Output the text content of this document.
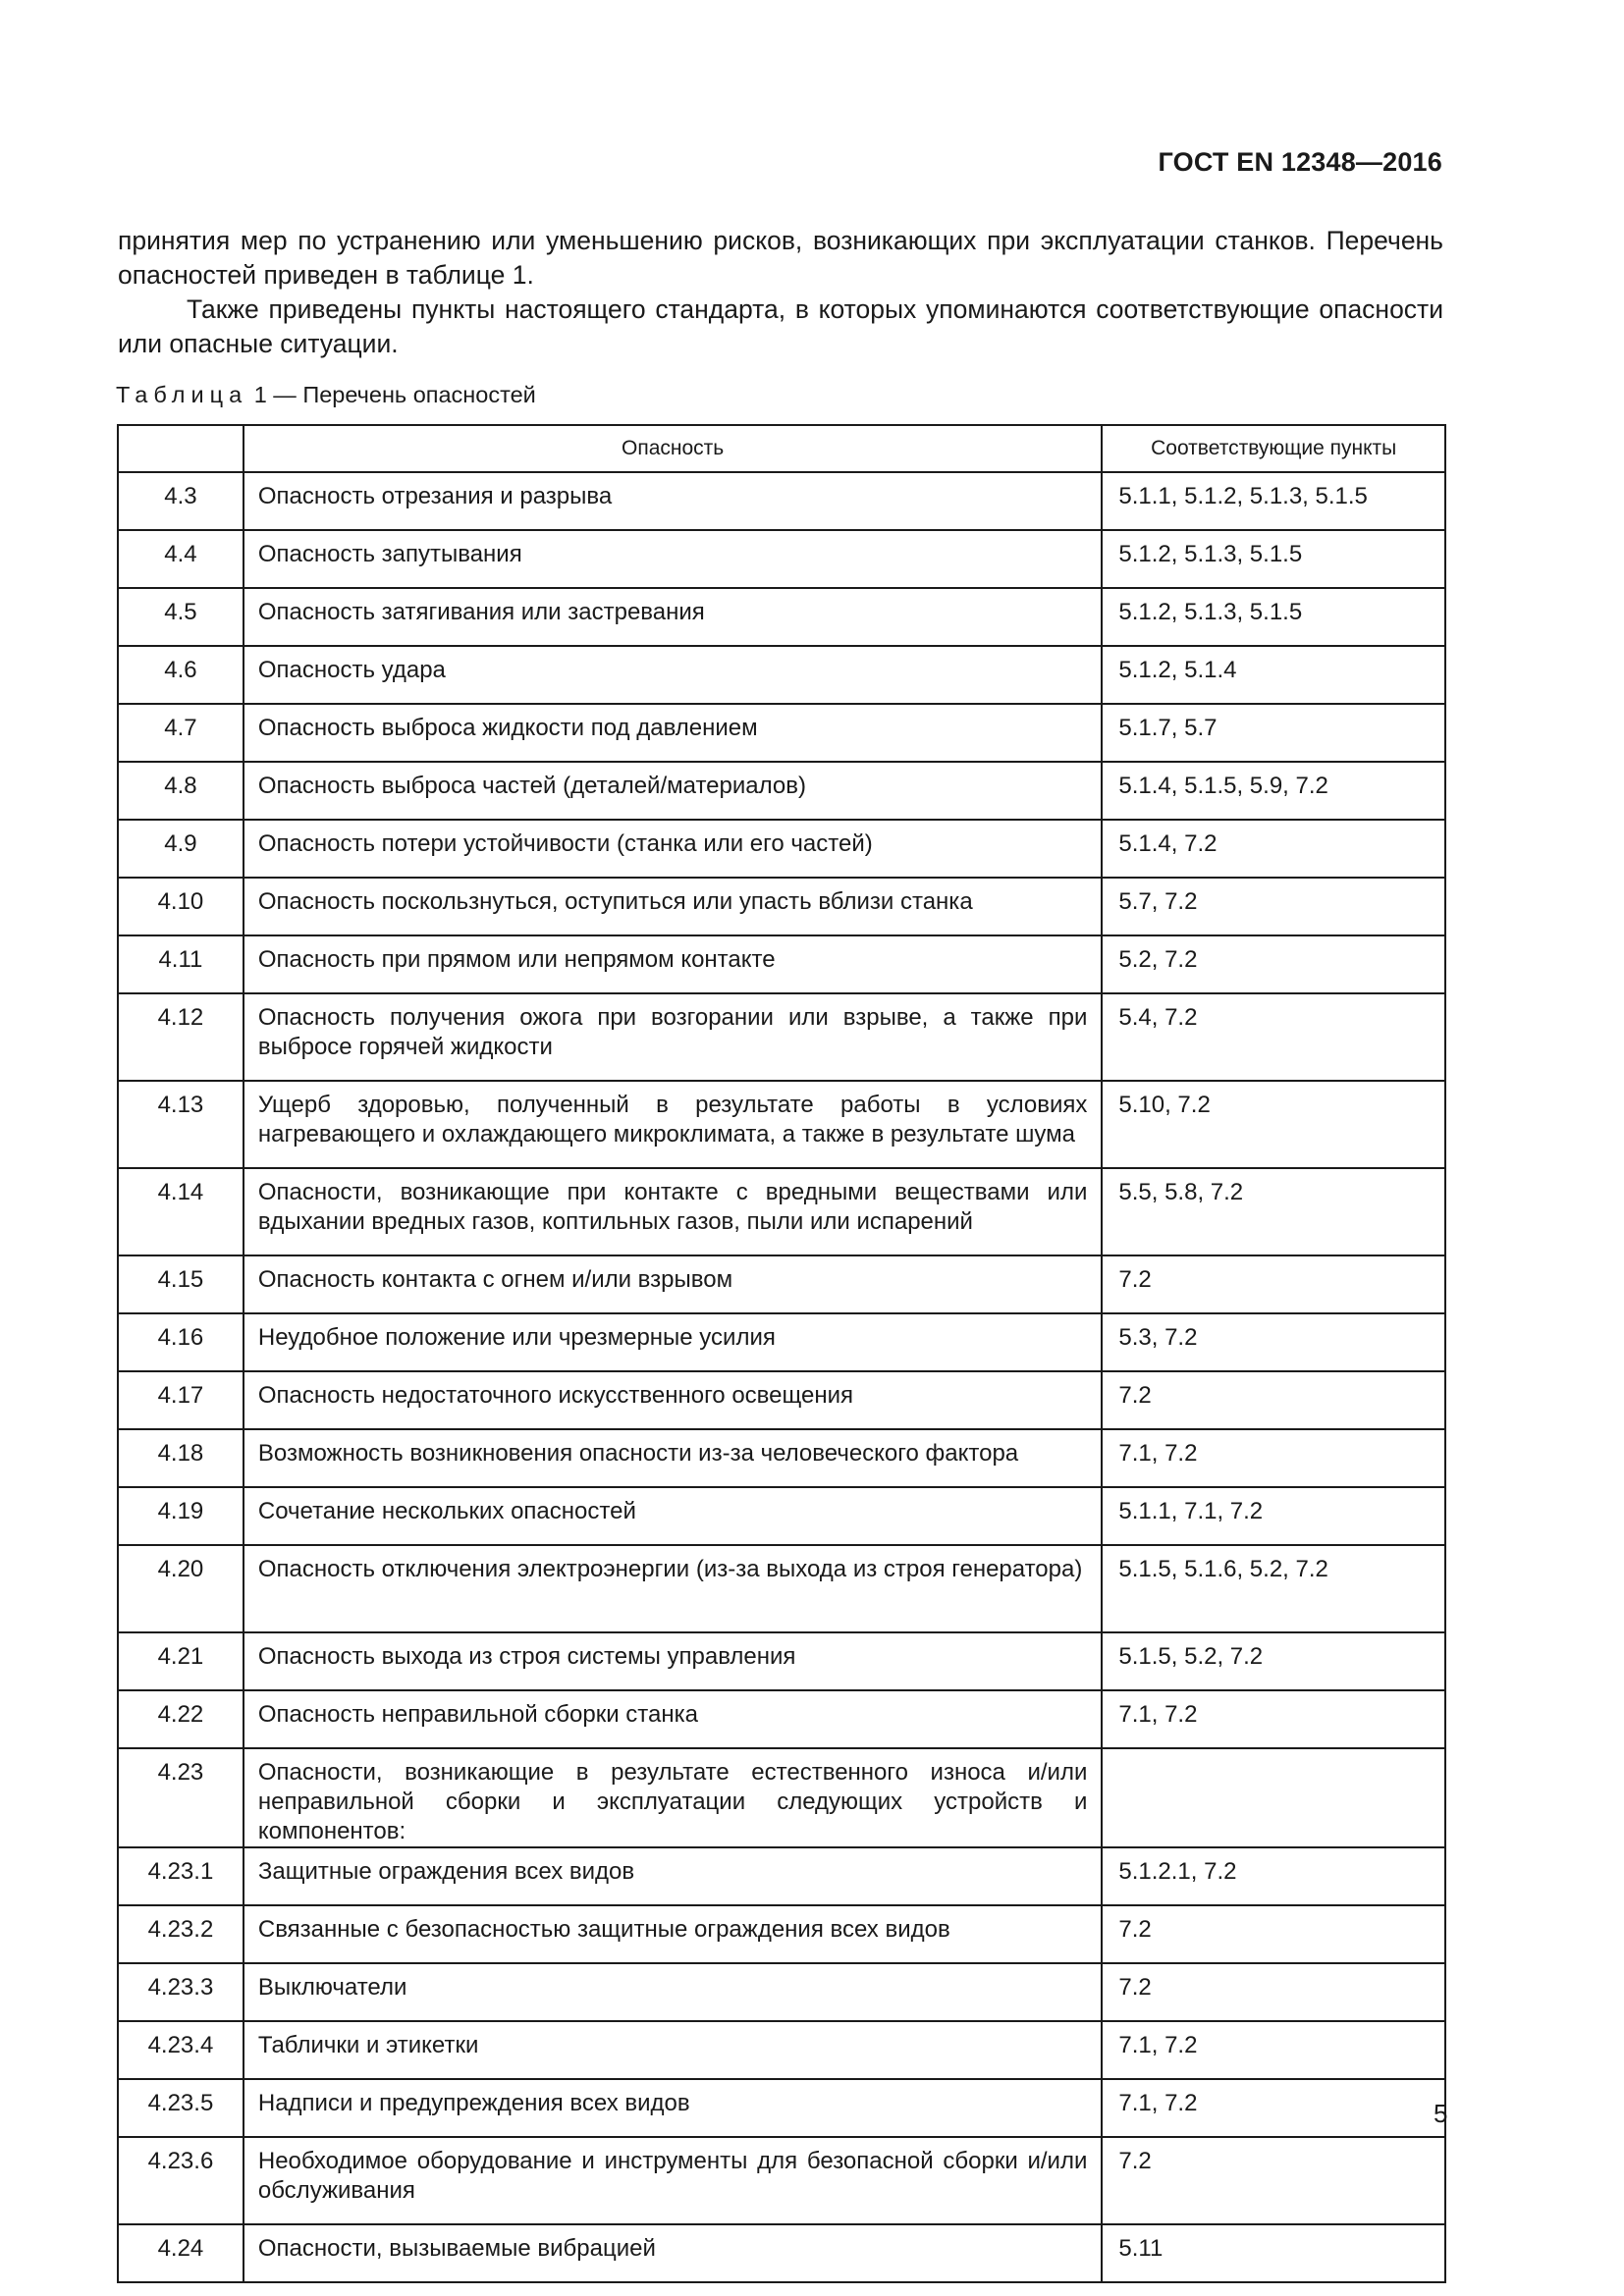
ГОСТ EN 12348—2016

принятия мер по устранению или уменьшению рисков, возникающих при эксплуатации станков. Перечень опасностей приведен в таблице 1.

Также приведены пункты настоящего стандарта, в которых упоминаются соответствующие опасности или опасные ситуации.

Таблица 1 — Перечень опасностей
	Опасность	Соответствующие пункты
4.3	Опасность отрезания и разрыва	5.1.1, 5.1.2, 5.1.3, 5.1.5
4.4	Опасность запутывания	5.1.2, 5.1.3, 5.1.5
4.5	Опасность затягивания или застревания	5.1.2, 5.1.3, 5.1.5
4.6	Опасность удара	5.1.2, 5.1.4
4.7	Опасность выброса жидкости под давлением	5.1.7, 5.7
4.8	Опасность выброса частей (деталей/материалов)	5.1.4, 5.1.5, 5.9, 7.2
4.9	Опасность потери устойчивости (станка или его частей)	5.1.4, 7.2
4.10	Опасность поскользнуться, оступиться или упасть вблизи станка	5.7, 7.2
4.11	Опасность при прямом или непрямом контакте	5.2, 7.2
4.12	Опасность получения ожога при возгорании или взрыве, а также при выбросе горячей жидкости	5.4, 7.2
4.13	Ущерб здоровью, полученный в результате работы в условиях нагревающего и охлаждающего микроклимата, а также в результате шума	5.10, 7.2
4.14	Опасности, возникающие при контакте с вредными веществами или вдыхании вредных газов, коптильных газов, пыли или испарений	5.5, 5.8, 7.2
4.15	Опасность контакта с огнем и/или взрывом	7.2
4.16	Неудобное положение или чрезмерные усилия	5.3, 7.2
4.17	Опасность недостаточного искусственного освещения	7.2
4.18	Возможность возникновения опасности из-за человеческого фактора	7.1, 7.2
4.19	Сочетание нескольких опасностей	5.1.1, 7.1, 7.2
4.20	Опасность отключения электроэнергии (из-за выхода из строя генератора)	5.1.5, 5.1.6, 5.2, 7.2
4.21	Опасность выхода из строя системы управления	5.1.5, 5.2, 7.2
4.22	Опасность неправильной сборки станка	7.1, 7.2
4.23	Опасности, возникающие в результате естественного износа и/или неправильной сборки и эксплуатации следующих устройств и компонентов:	
4.23.1	Защитные ограждения всех видов	5.1.2.1, 7.2
4.23.2	Связанные с безопасностью защитные ограждения всех видов	7.2
4.23.3	Выключатели	7.2
4.23.4	Таблички и этикетки	7.1, 7.2
4.23.5	Надписи и предупреждения всех видов	7.1, 7.2
4.23.6	Необходимое оборудование и инструменты для безопасной сборки и/или обслуживания	7.2
4.24	Опасности, вызываемые вибрацией	5.11
5
